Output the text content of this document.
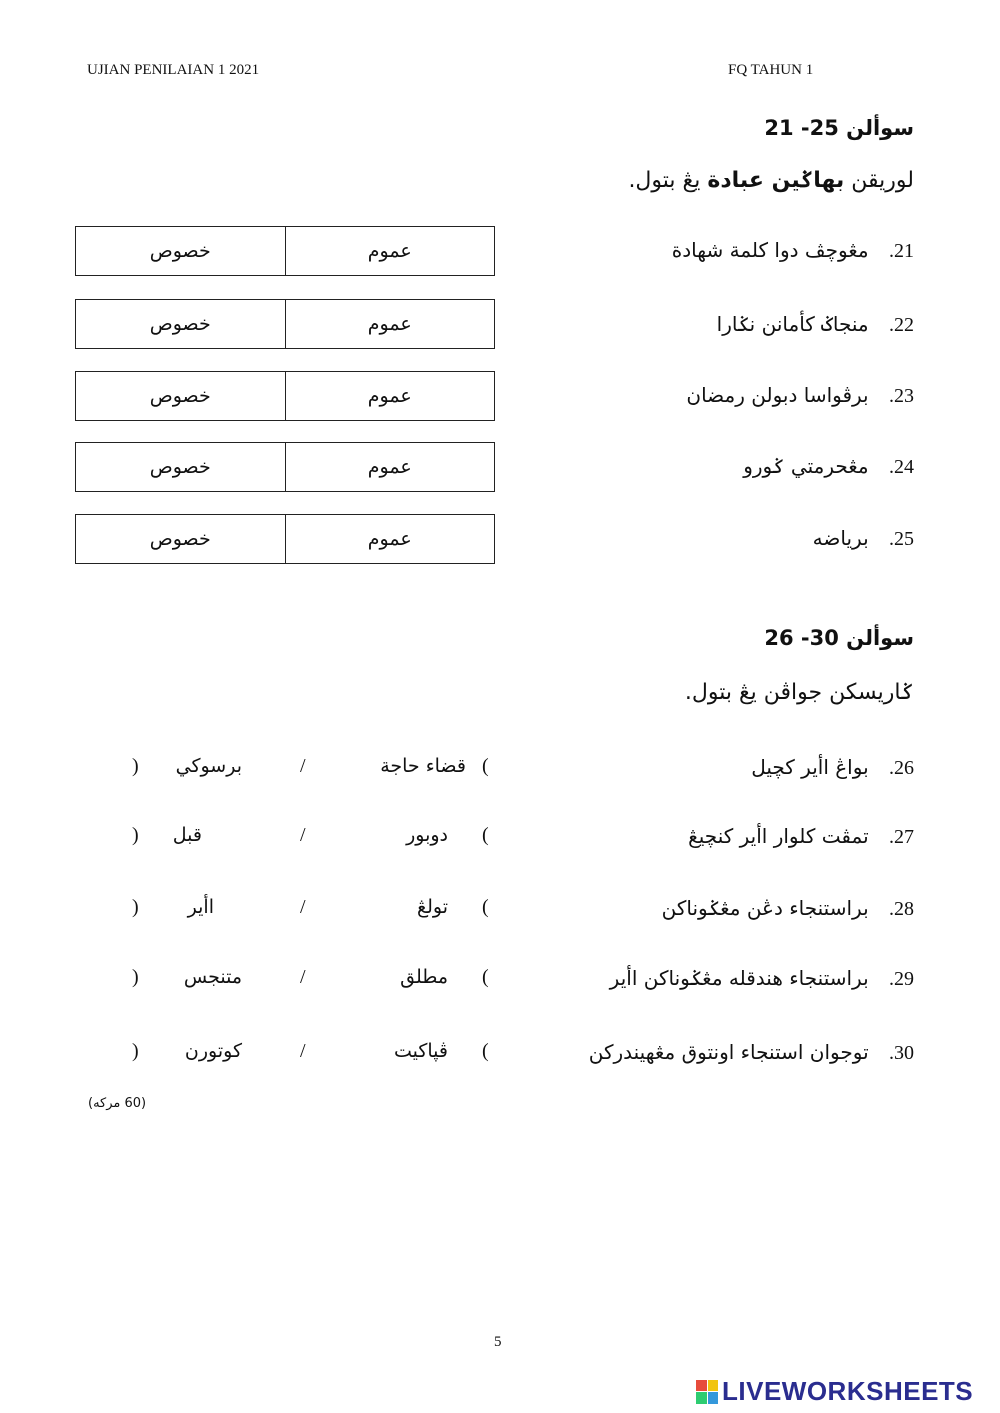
UJIAN PENILAIAN 1 2021	FQ TAHUN 1
سوألن 25- 21
لوريقن بهاݢين عبادة يڠ بتول.
21. مڠوچڤ دوا كلمة شهادة
خصوص	عموم
22. منجاݢ كأمانن نݢارا
خصوص	عموم
23. برڤواسا دبولن رمضان
خصوص	عموم
24. مڠحرمتي ݢورو
خصوص	عموم
25. برياضه
خصوص	عموم
سوألن 30- 26
ݢاريسكن جواڤن يڠ بتول.
26. بواڠ اأير كچيل
(
قضاء حاجة
/
برسوكي
)
27. تمڤت كلوار اأير كنچيڠ
(
دوبور
/
قبل
)
28. براستنجاء دڠن مڠݢوناكن
(
تولڠ
/
اأير
)
29. براستنجاء هندقله مڠݢوناكن اأير
(
مطلق
/
متنجس
)
30. توجوان استنجاء اونتوق مڠهيندركن
(
ڤپاكيت
/
كوتورن
)
(60 مركه)
5
LIVEWORKSHEETS
